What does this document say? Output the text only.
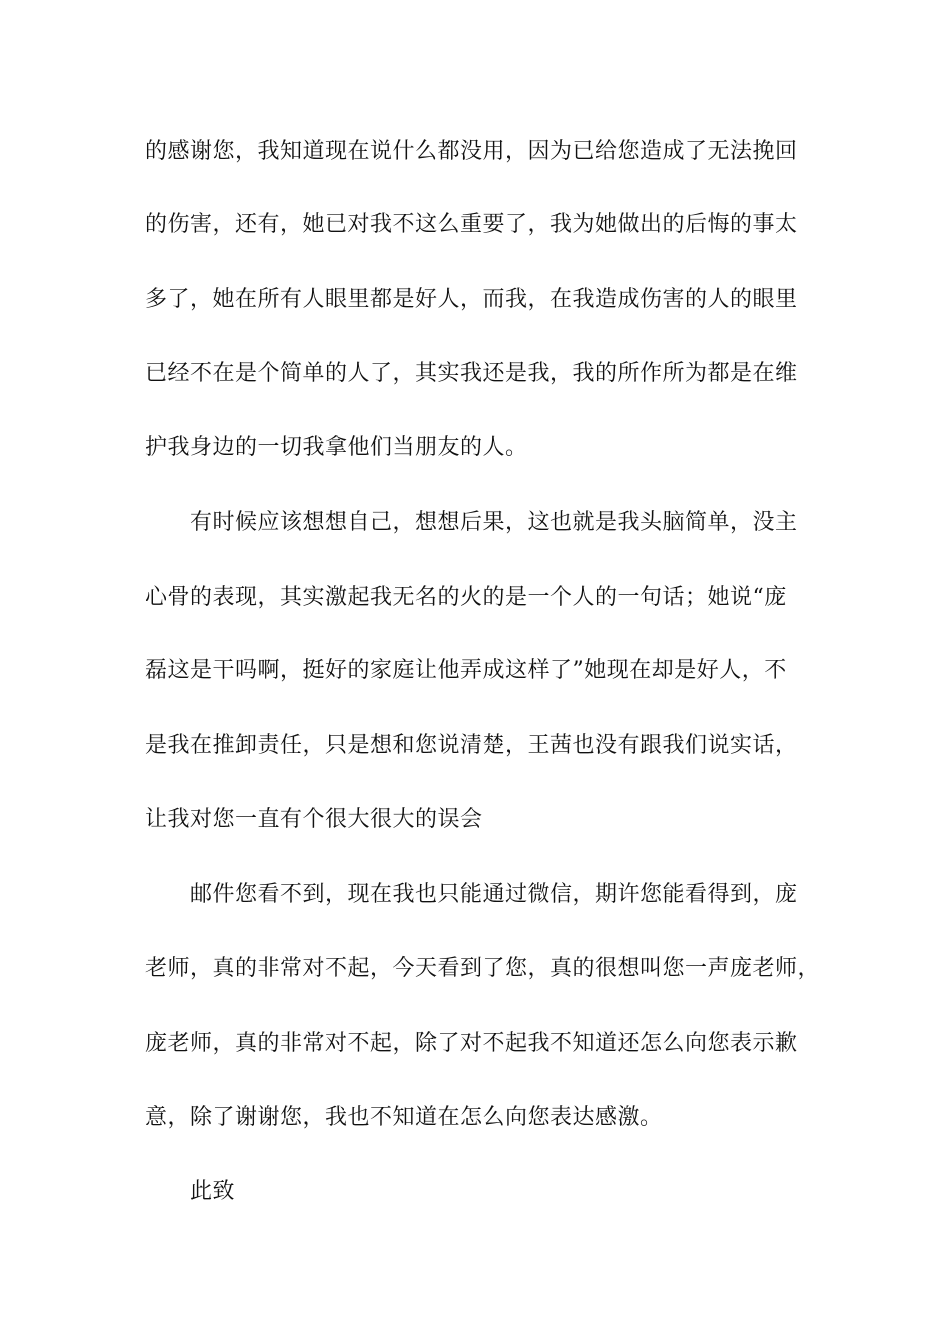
的感谢您，我知道现在说什么都没用，因为已给您造成了无法挽回
的伤害，还有，她已对我不这么重要了，我为她做出的后悔的事太
多了，她在所有人眼里都是好人，而我，在我造成伤害的人的眼里
已经不在是个简单的人了，其实我还是我，我的所作所为都是在维
护我身边的一切我拿他们当朋友的人。
有时候应该想想自己，想想后果，这也就是我头脑简单，没主
心骨的表现，其实激起我无名的火的是一个人的一句话；她说“庞
磊这是干吗啊，挺好的家庭让他弄成这样了”她现在却是好人，不
是我在推卸责任，只是想和您说清楚，王茜也没有跟我们说实话，
让我对您一直有个很大很大的误会
邮件您看不到，现在我也只能通过微信，期许您能看得到，庞
老师，真的非常对不起，今天看到了您，真的很想叫您一声庞老师，
庞老师，真的非常对不起，除了对不起我不知道还怎么向您表示歉
意，除了谢谢您，我也不知道在怎么向您表达感激。
此致
